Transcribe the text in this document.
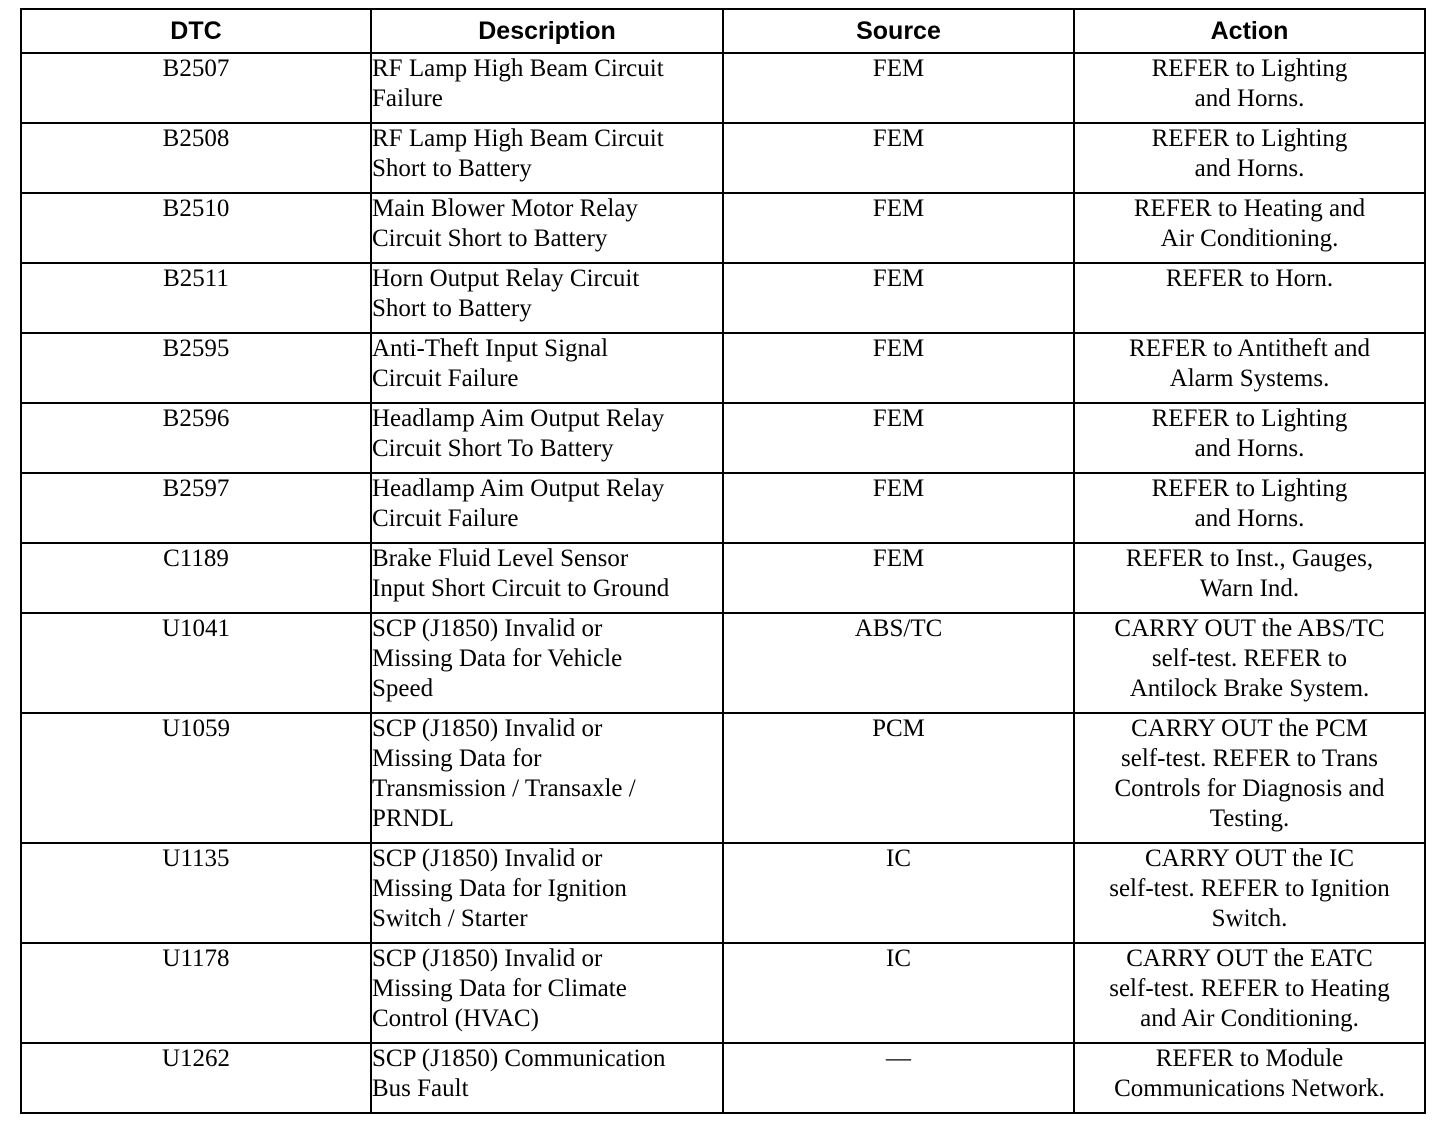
DTC	Description	Source	Action

B2507	RF Lamp High Beam Circuit
Failure	FEM	REFER to Lighting
and Horns.

B2508	RF Lamp High Beam Circuit
Short to Battery	FEM	REFER to Lighting
and Horns.

B2510	Main Blower Motor Relay
Circuit Short to Battery	FEM	REFER to Heating and
Air Conditioning.

B2511	Horn Output Relay Circuit
Short to Battery	FEM	REFER to Horn.

B2595	Anti-Theft Input Signal
Circuit Failure	FEM	REFER to Antitheft and
Alarm Systems.

B2596	Headlamp Aim Output Relay
Circuit Short To Battery	FEM	REFER to Lighting
and Horns.

B2597	Headlamp Aim Output Relay
Circuit Failure	FEM	REFER to Lighting
and Horns.

C1189	Brake Fluid Level Sensor
Input Short Circuit to Ground	FEM	REFER to Inst., Gauges,
Warn Ind.

U1041	SCP (J1850) Invalid or
Missing Data for Vehicle
Speed	ABS/TC	CARRY OUT the ABS/TC
self-test. REFER to
Antilock Brake System.

U1059	SCP (J1850) Invalid or
Missing Data for
Transmission / Transaxle /
PRNDL	PCM	CARRY OUT the PCM
self-test. REFER to Trans
Controls for Diagnosis and
Testing.

U1135	SCP (J1850) Invalid or
Missing Data for Ignition
Switch / Starter	IC	CARRY OUT the IC
self-test. REFER to Ignition
Switch.

U1178	SCP (J1850) Invalid or
Missing Data for Climate
Control (HVAC)	IC	CARRY OUT the EATC
self-test. REFER to Heating
and Air Conditioning.

U1262	SCP (J1850) Communication
Bus Fault	—	REFER to Module
Communications Network.
